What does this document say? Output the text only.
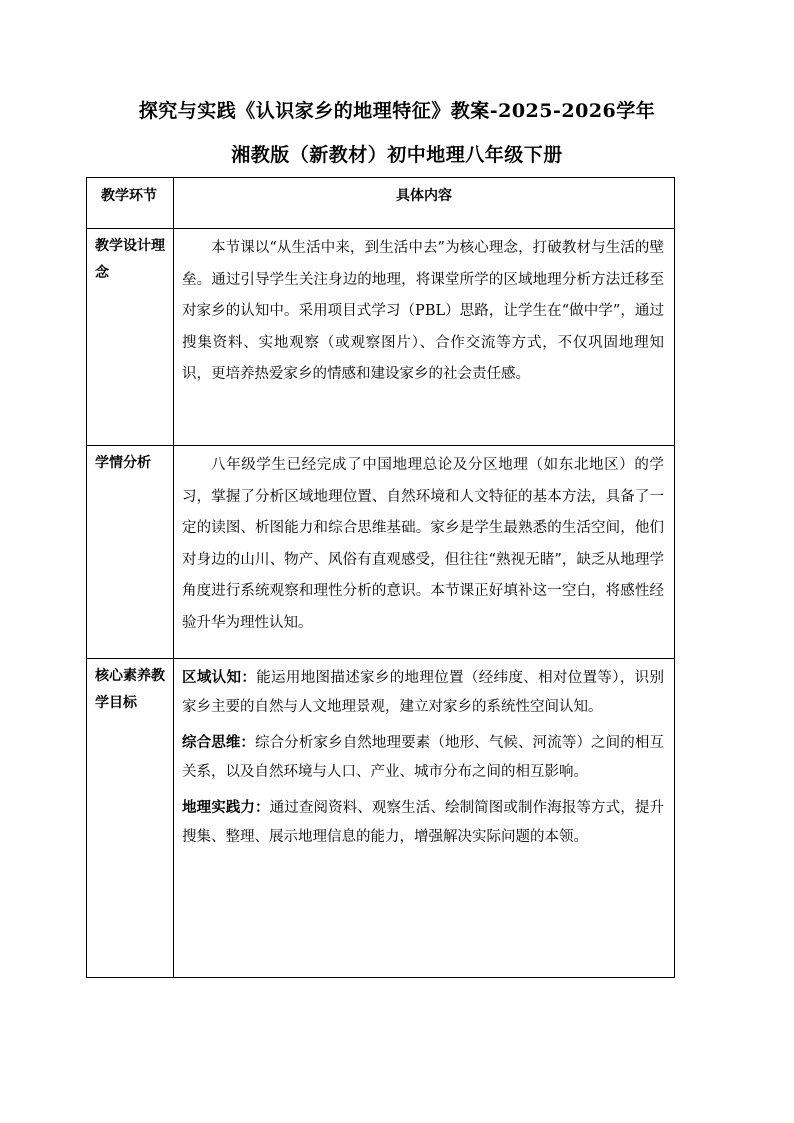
探究与实践《认识家乡的地理特征》教案-2025-2026学年
湘教版（新教材）初中地理八年级下册
教学环节	具体内容
教学设计理念	本节课以“从生活中来，到生活中去”为核心理念，打破教材与生活的壁垒。通过引导学生关注身边的地理，将课堂所学的区域地理分析方法迁移至对家乡的认知中。采用项目式学习（PBL）思路，让学生在“做中学”，通过搜集资料、实地观察（或观察图片）、合作交流等方式，不仅巩固地理知识，更培养热爱家乡的情感和建设家乡的社会责任感。

学情分析	八年级学生已经完成了中国地理总论及分区地理（如东北地区）的学习，掌握了分析区域地理位置、自然环境和人文特征的基本方法，具备了一定的读图、析图能力和综合思维基础。家乡是学生最熟悉的生活空间，他们对身边的山川、物产、风俗有直观感受，但往往“熟视无睹”，缺乏从地理学角度进行系统观察和理性分析的意识。本节课正好填补这一空白，将感性经验升华为理性认知。

核心素养教学目标	区域认知：能运用地图描述家乡的地理位置（经纬度、相对位置等），识别家乡主要的自然与人文地理景观，建立对家乡的系统性空间认知。

综合思维：综合分析家乡自然地理要素（地形、气候、河流等）之间的相互关系，以及自然环境与人口、产业、城市分布之间的相互影响。

地理实践力：通过查阅资料、观察生活、绘制简图或制作海报等方式，提升搜集、整理、展示地理信息的能力，增强解决实际问题的本领。
